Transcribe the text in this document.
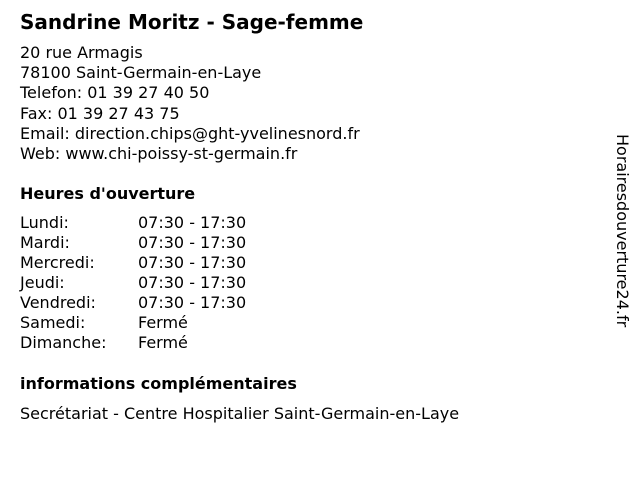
Sandrine Moritz - Sage-femme
20 rue Armagis
78100 Saint-Germain-en-Laye
Telefon: 01 39 27 40 50
Fax: 01 39 27 43 75
Email: direction.chips@ght-yvelinesnord.fr
Web: www.chi-poissy-st-germain.fr
Heures d'ouverture
Lundi:	07:30 - 17:30
Mardi:	07:30 - 17:30
Mercredi:	07:30 - 17:30
Jeudi:	07:30 - 17:30
Vendredi:	07:30 - 17:30
Samedi:	Fermé
Dimanche: Fermé
informations complémentaires
Secrétariat - Centre Hospitalier Saint-Germain-en-Laye
Horairesdouverture24.fr
